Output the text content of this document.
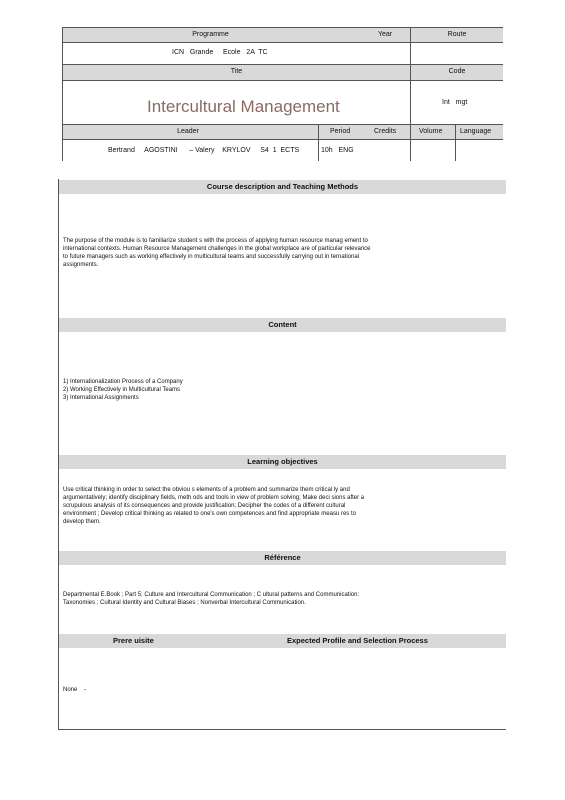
Programme	Year	Route
ICN   Grande     Ecole   2A  TC
Tite	Code
Intercultural Management	Int   mgt
Leader	Period	Credits	Volume	Language
Bertrand     AGOSTINI      – Valery    KRYLOV     S4  1  ECTS	10h   ENG
Course description and Teaching Methods
The purpose of the module is to familiarize student s with the process of applying human resource manag ement to
international contexts. Human Resource Management challenges in the global workplace are of particular relevance
to future managers such as working effectively in multicultural teams and successfully carrying out in ternational
assignments.
Content
1) Internationalization Process of a Company
2) Working Effectively in Multicultural Teams
3) International Assignments
Learning objectives
Use critical thinking in order to select the obviou s elements of a problem and summarize them critical ly and
argumentatively; identify disciplinary fields, meth ods and tools in view of problem solving; Make deci sions after a
scrupulous analysis of its consequences and provide justification; Decipher the codes of a different cultural
environment ; Develop critical thinking as related to one's own competences and find appropriate measu res to
develop them.
Référence
Departmental E.Book ; Part 5; Culture and Intercultural Communication ; C ultural patterns and Communication:
Taxonomies ; Cultural Identity and Cultural Biases ; Nonverbal Intercultural Communication.
Prere uisite	Expected Profile and Selection Process
None    -
